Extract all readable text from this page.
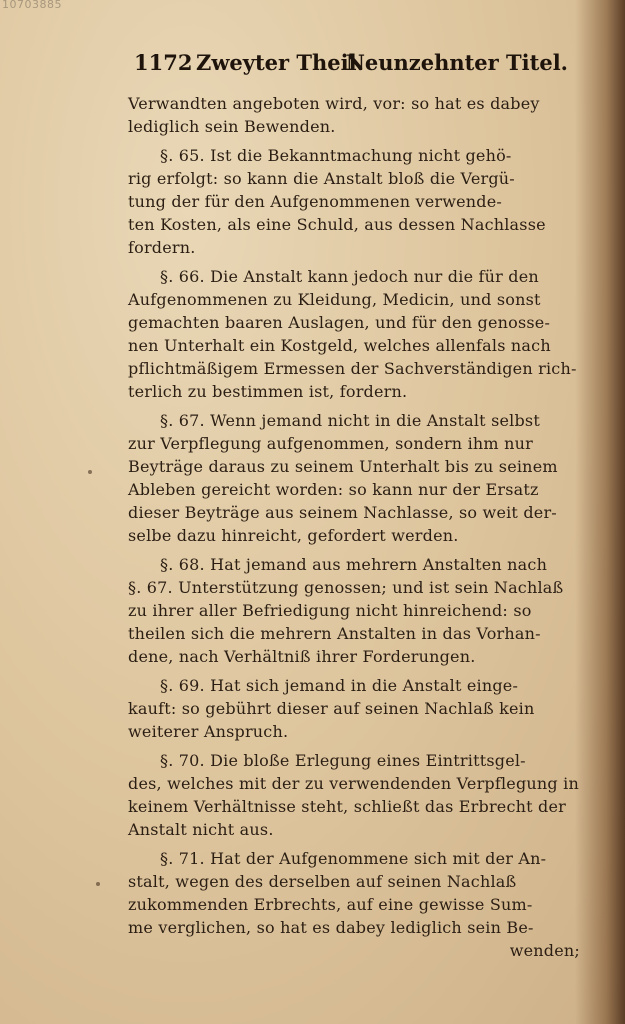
10703885
1172 Zweyter Theil.
Neunzehnter Titel.
Verwandten angeboten wird, vor: so hat es dabey
lediglich sein Bewenden.
§. 65. Ist die Bekanntmachung nicht gehö-
rig erfolgt: so kann die Anstalt bloß die Vergü-
tung der für den Aufgenommenen verwende-
ten Kosten, als eine Schuld, aus dessen Nachlasse
fordern.
§. 66. Die Anstalt kann jedoch nur die für den
Aufgenommenen zu Kleidung, Medicin, und sonst
gemachten baaren Auslagen, und für den genosse-
nen Unterhalt ein Kostgeld, welches allenfals nach
pflichtmäßigem Ermessen der Sachverständigen rich-
terlich zu bestimmen ist, fordern.
§. 67. Wenn jemand nicht in die Anstalt selbst
zur Verpflegung aufgenommen, sondern ihm nur
Beyträge daraus zu seinem Unterhalt bis zu seinem
Ableben gereicht worden: so kann nur der Ersatz
dieser Beyträge aus seinem Nachlasse, so weit der-
selbe dazu hinreicht, gefordert werden.
§. 68. Hat jemand aus mehrern Anstalten nach
§. 67. Unterstützung genossen; und ist sein Nachlaß
zu ihrer aller Befriedigung nicht hinreichend: so
theilen sich die mehrern Anstalten in das Vorhan-
dene, nach Verhältniß ihrer Forderungen.
§. 69. Hat sich jemand in die Anstalt einge-
kauft: so gebührt dieser auf seinen Nachlaß kein
weiterer Anspruch.
§. 70. Die bloße Erlegung eines Eintrittsgel-
des, welches mit der zu verwendenden Verpflegung in
keinem Verhältnisse steht, schließt das Erbrecht der
Anstalt nicht aus.
§. 71. Hat der Aufgenommene sich mit der An-
stalt, wegen des derselben auf seinen Nachlaß
zukommenden Erbrechts, auf eine gewisse Sum-
me verglichen, so hat es dabey lediglich sein Be-
wenden;
